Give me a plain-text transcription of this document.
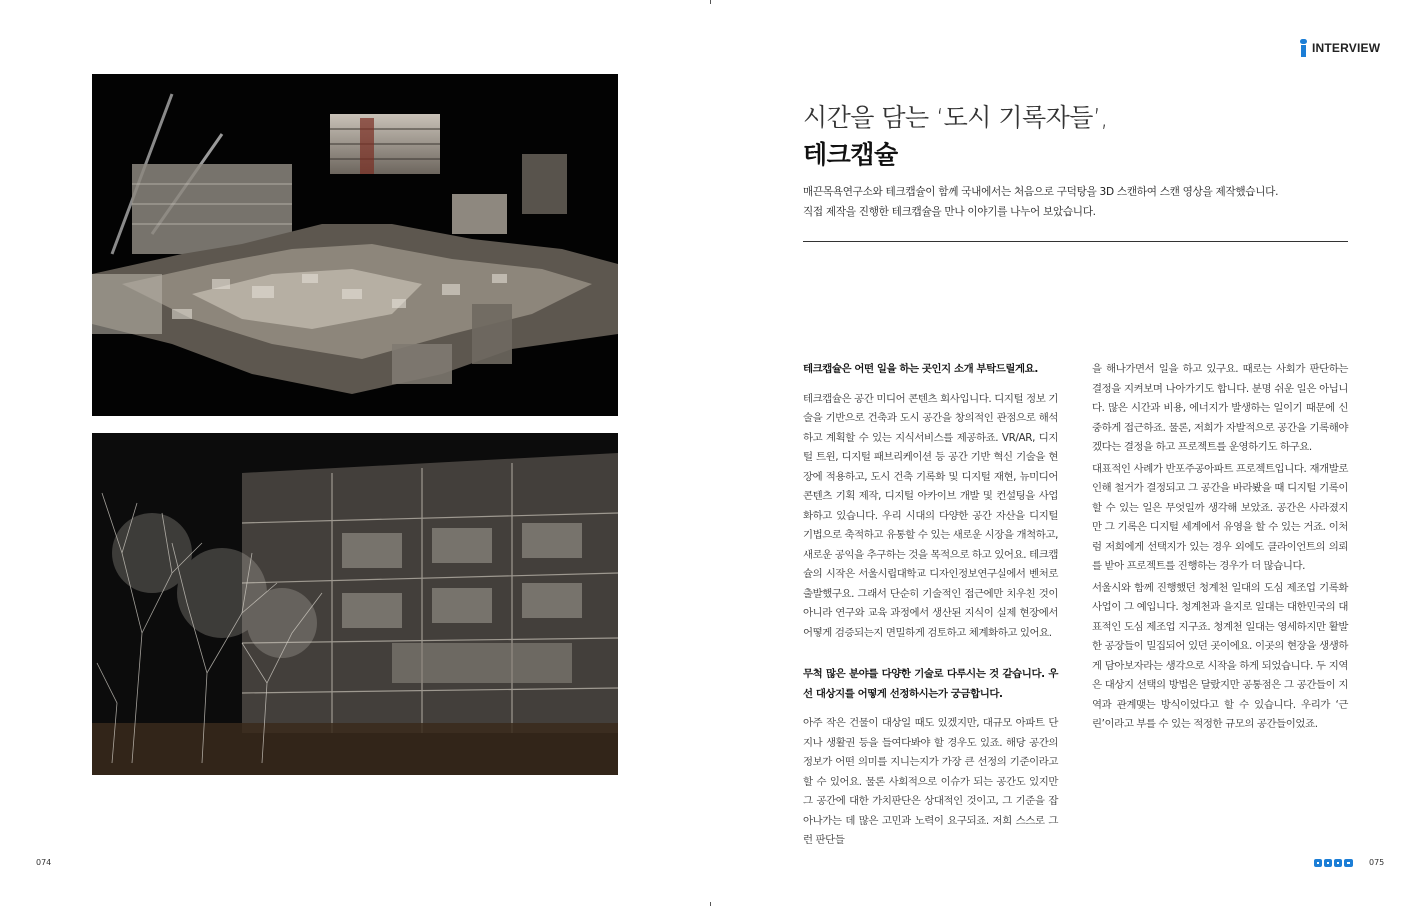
INTERVIEW
시간을 담는 ‘도시 기록자들’,
테크캡슐
매끈목욕연구소와 테크캡슐이 함께 국내에서는 처음으로 구덕탕을 3D 스캔하여 스캔 영상을 제작했습니다.
직접 제작을 진행한 테크캡슐을 만나 이야기를 나누어 보았습니다.

테크캡슐은 어떤 일을 하는 곳인지 소개 부탁드릴게요.

테크캡슐은 공간 미디어 콘텐츠 회사입니다. 디지털 정보 기술을 기반으로 건축과 도시 공간을 창의적인 관점으로 해석하고 계획할 수 있는 지식서비스를 제공하죠. VR/AR, 디지털 트윈, 디지털 패브리케이션 등 공간 기반 혁신 기술을 현장에 적용하고, 도시 건축 기록화 및 디지털 재현, 뉴미디어 콘텐츠 기획 제작, 디지털 아카이브 개발 및 컨설팅을 사업화하고 있습니다. 우리 시대의 다양한 공간 자산을 디지털 기법으로 축적하고 유통할 수 있는 새로운 시장을 개척하고, 새로운 공익을 추구하는 것을 목적으로 하고 있어요. 테크캡슐의 시작은 서울시립대학교 디자인정보연구실에서 벤처로 출발했구요. 그래서 단순히 기술적인 접근에만 치우친 것이 아니라 연구와 교육 과정에서 생산된 지식이 실제 현장에서 어떻게 검증되는지 면밀하게 검토하고 체계화하고 있어요.

무척 많은 분야를 다양한 기술로 다루시는 것 같습니다. 우선 대상지를 어떻게 선정하시는가 궁금합니다.

아주 작은 건물이 대상일 때도 있겠지만, 대규모 아파트 단지나 생활권 등을 들여다봐야 할 경우도 있죠. 해당 공간의 정보가 어떤 의미를 지니는지가 가장 큰 선정의 기준이라고 할 수 있어요. 물론 사회적으로 이슈가 되는 공간도 있지만 그 공간에 대한 가치판단은 상대적인 것이고, 그 기준을 잡아나가는 데 많은 고민과 노력이 요구되죠. 저희 스스로 그런 판단들

을 해나가면서 일을 하고 있구요. 때로는 사회가 판단하는 결정을 지켜보며 나아가기도 합니다. 분명 쉬운 일은 아닙니다. 많은 시간과 비용, 에너지가 발생하는 일이기 때문에 신중하게 접근하죠. 물론, 저희가 자발적으로 공간을 기록해야겠다는 결정을 하고 프로젝트를 운영하기도 하구요.

대표적인 사례가 반포주공아파트 프로젝트입니다. 재개발로 인해 철거가 결정되고 그 공간을 바라봤을 때 디지털 기록이 할 수 있는 일은 무엇일까 생각해 보았죠. 공간은 사라졌지만 그 기록은 디지털 세계에서 유영을 할 수 있는 거죠. 이처럼 저희에게 선택지가 있는 경우 외에도 클라이언트의 의뢰를 받아 프로젝트를 진행하는 경우가 더 많습니다.

서울시와 함께 진행했던 청계천 일대의 도심 제조업 기록화 사업이 그 예입니다. 청계천과 을지로 일대는 대한민국의 대표적인 도심 제조업 지구죠. 청계천 일대는 영세하지만 활발한 공장들이 밀집되어 있던 곳이에요. 이곳의 현장을 생생하게 담아보자라는 생각으로 시작을 하게 되었습니다. 두 지역은 대상지 선택의 방법은 달랐지만 공통점은 그 공간들이 지역과 관계맺는 방식이었다고 할 수 있습니다. 우리가 ‘근린’이라고 부를 수 있는 적정한 규모의 공간들이었죠.

074	075
